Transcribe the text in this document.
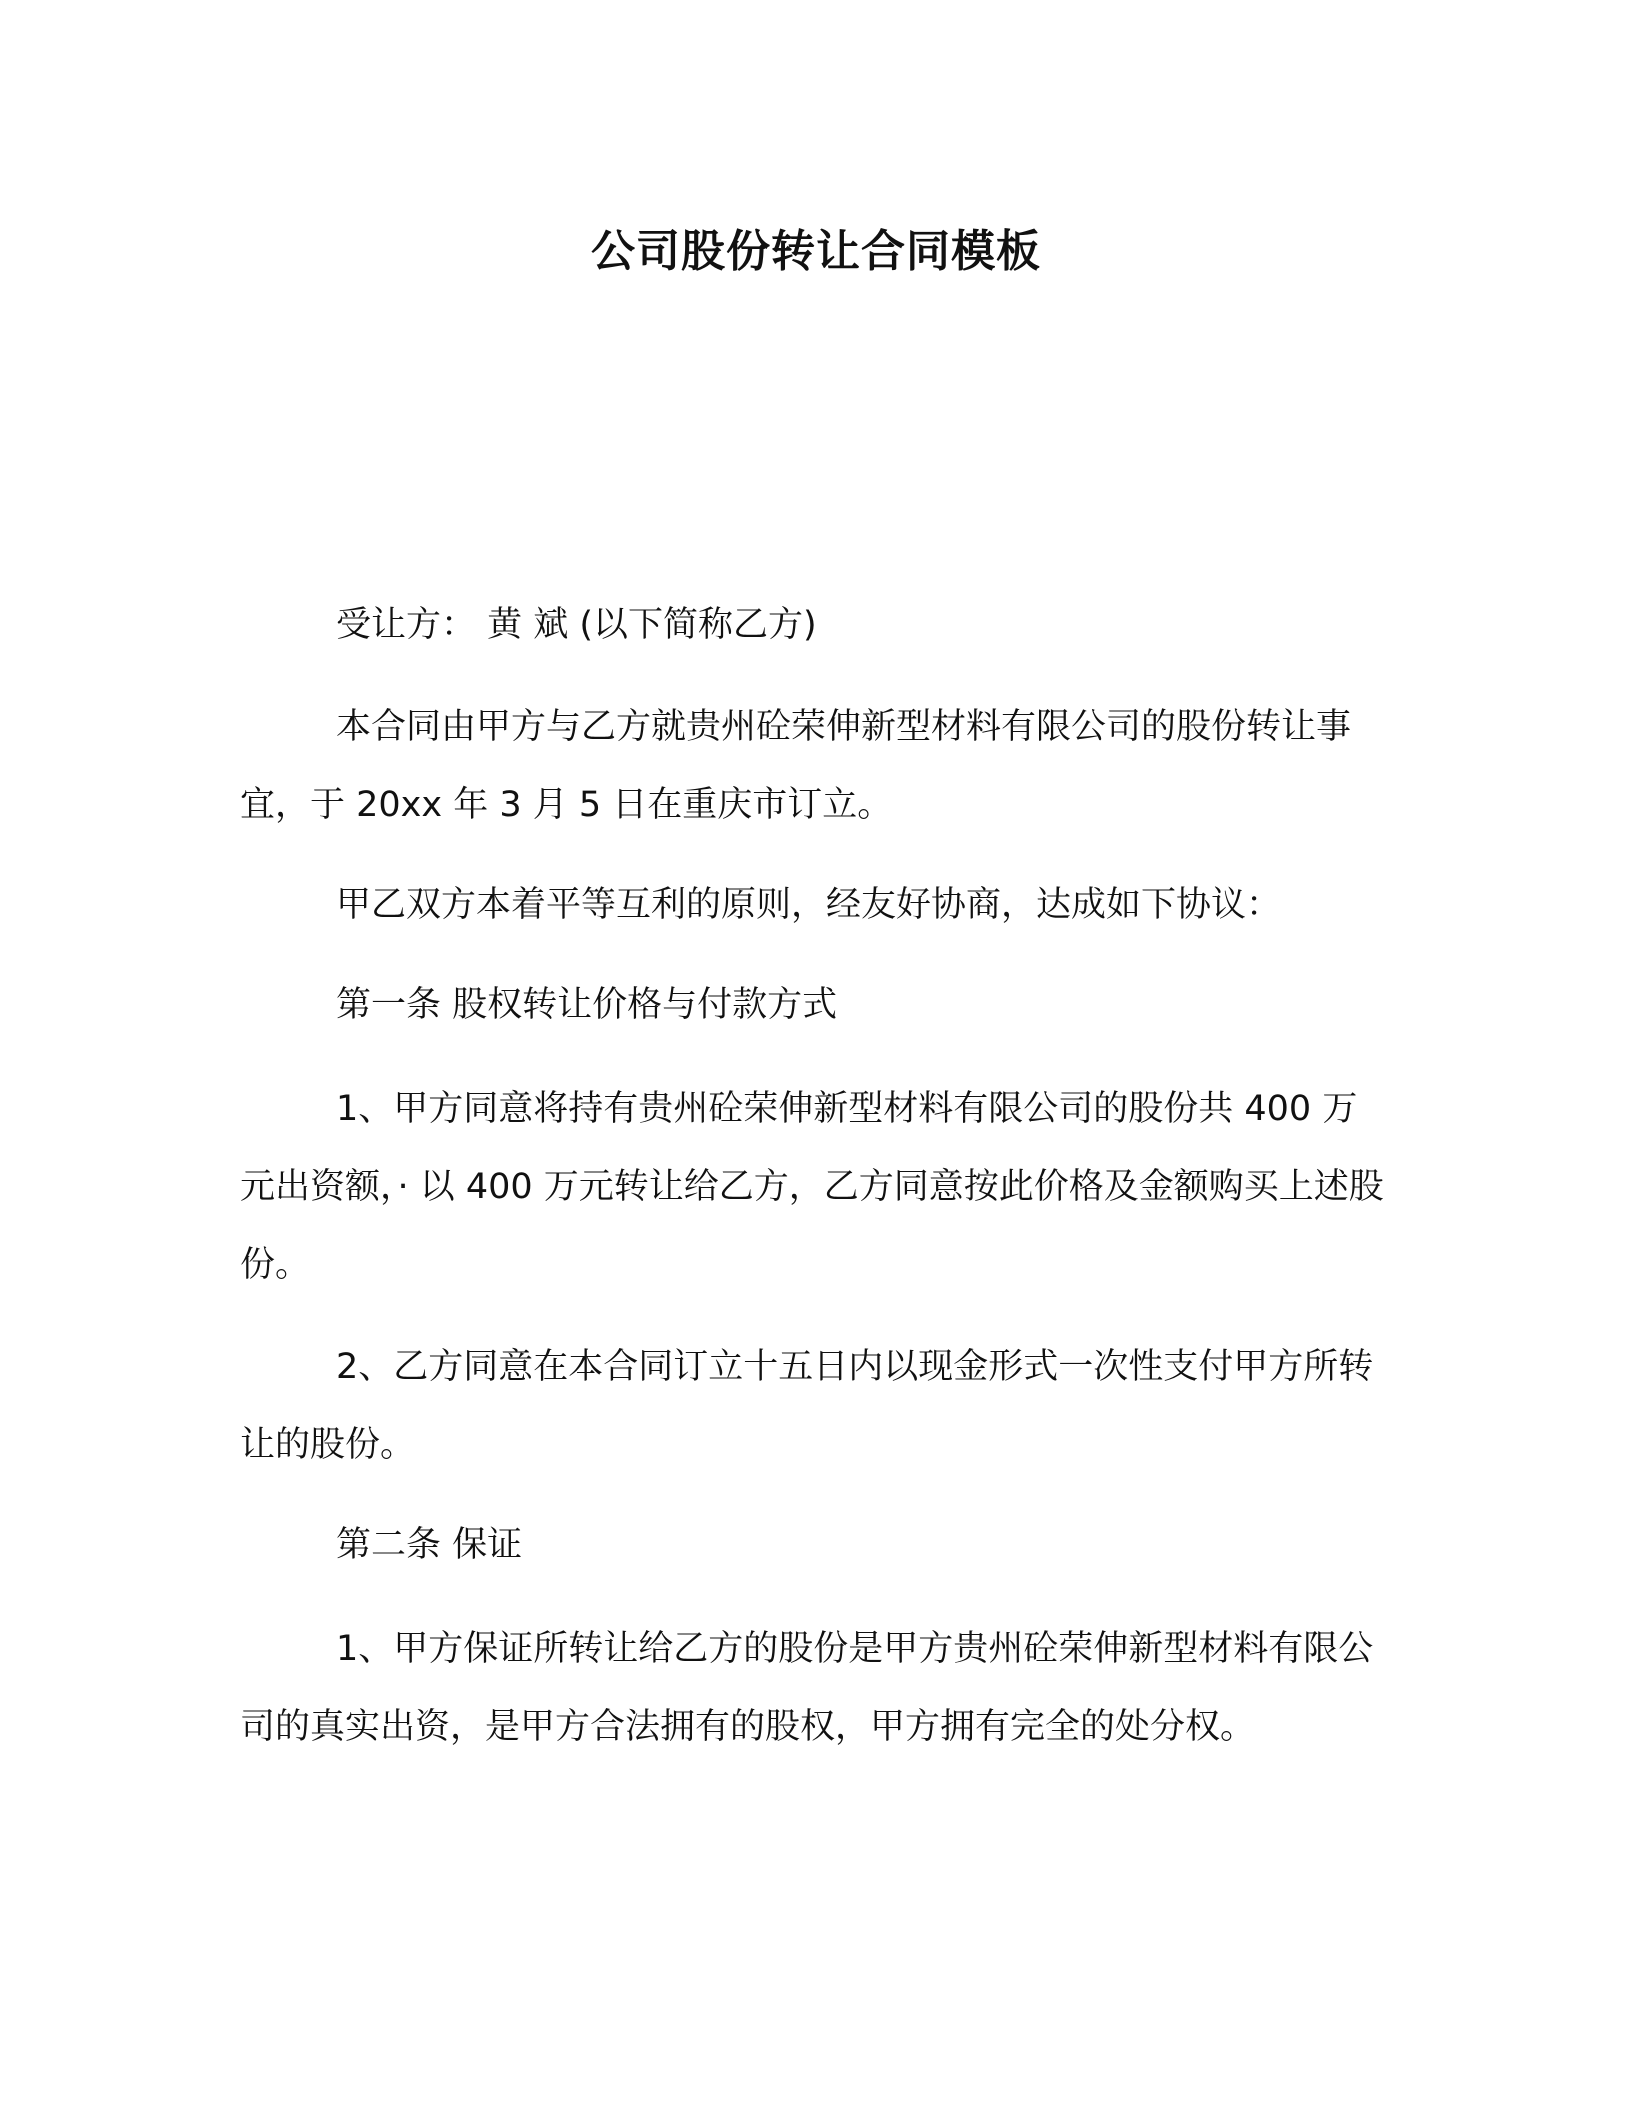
公司股份转让合同模板

受让方： 黄 斌 (以下简称乙方)

本合同由甲方与乙方就贵州砼荣伸新型材料有限公司的股份转让事宜，于 20xx 年 3 月 5 日在重庆市订立。

甲乙双方本着平等互利的原则，经友好协商，达成如下协议：

第一条 股权转让价格与付款方式

1、甲方同意将持有贵州砼荣伸新型材料有限公司的股份共 400 万元出资额，· 以 400 万元转让给乙方，乙方同意按此价格及金额购买上述股份。

2、乙方同意在本合同订立十五日内以现金形式一次性支付甲方所转让的股份。

第二条 保证

1、甲方保证所转让给乙方的股份是甲方贵州砼荣伸新型材料有限公司的真实出资，是甲方合法拥有的股权，甲方拥有完全的处分权。
